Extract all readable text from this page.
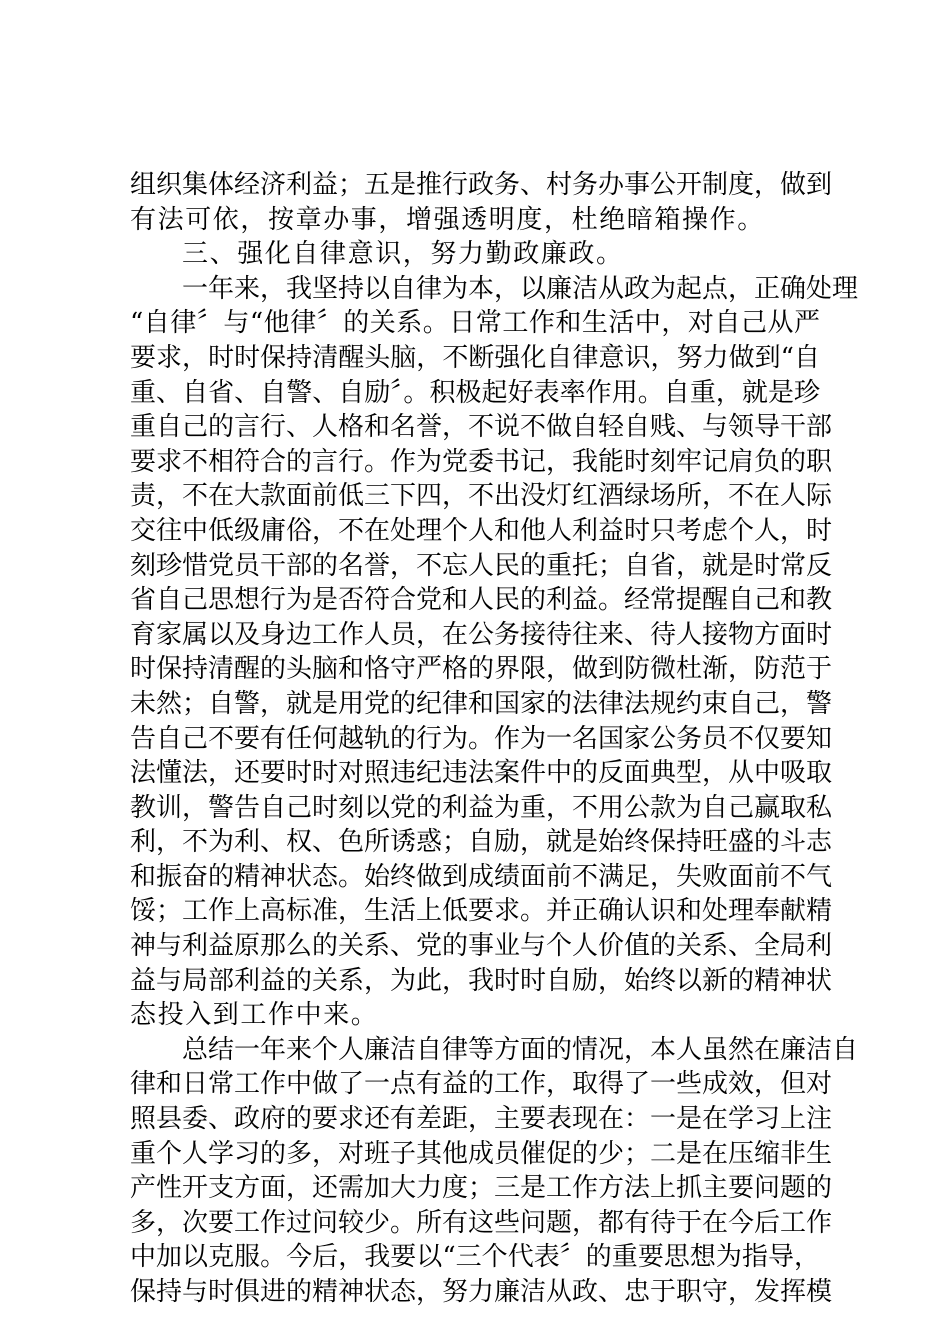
组织集体经济利益；五是推行政务、村务办事公开制度，做到
有法可依，按章办事，增强透明度，杜绝暗箱操作。
三、强化自律意识，努力勤政廉政。
一年来，我坚持以自律为本，以廉洁从政为起点，正确处理
“自律〞与“他律〞的关系。日常工作和生活中，对自己从严
要求，时时保持清醒头脑，不断强化自律意识，努力做到“自
重、自省、自警、自励〞。积极起好表率作用。自重，就是珍
重自己的言行、人格和名誉，不说不做自轻自贱、与领导干部
要求不相符合的言行。作为党委书记，我能时刻牢记肩负的职
责，不在大款面前低三下四，不出没灯红酒绿场所，不在人际
交往中低级庸俗，不在处理个人和他人利益时只考虑个人，时
刻珍惜党员干部的名誉，不忘人民的重托；自省，就是时常反
省自己思想行为是否符合党和人民的利益。经常提醒自己和教
育家属以及身边工作人员，在公务接待往来、待人接物方面时
时保持清醒的头脑和恪守严格的界限，做到防微杜渐，防范于
未然；自警，就是用党的纪律和国家的法律法规约束自己，警
告自己不要有任何越轨的行为。作为一名国家公务员不仅要知
法懂法，还要时时对照违纪违法案件中的反面典型，从中吸取
教训，警告自己时刻以党的利益为重，不用公款为自己赢取私
利，不为利、权、色所诱惑；自励，就是始终保持旺盛的斗志
和振奋的精神状态。始终做到成绩面前不满足，失败面前不气
馁；工作上高标准，生活上低要求。并正确认识和处理奉献精
神与利益原那么的关系、党的事业与个人价值的关系、全局利
益与局部利益的关系，为此，我时时自励，始终以新的精神状
态投入到工作中来。
总结一年来个人廉洁自律等方面的情况，本人虽然在廉洁自
律和日常工作中做了一点有益的工作，取得了一些成效，但对
照县委、政府的要求还有差距，主要表现在：一是在学习上注
重个人学习的多，对班子其他成员催促的少；二是在压缩非生
产性开支方面，还需加大力度；三是工作方法上抓主要问题的
多，次要工作过问较少。所有这些问题，都有待于在今后工作
中加以克服。今后，我要以“三个代表〞的重要思想为指导，
保持与时俱进的精神状态，努力廉洁从政、忠于职守，发挥模
